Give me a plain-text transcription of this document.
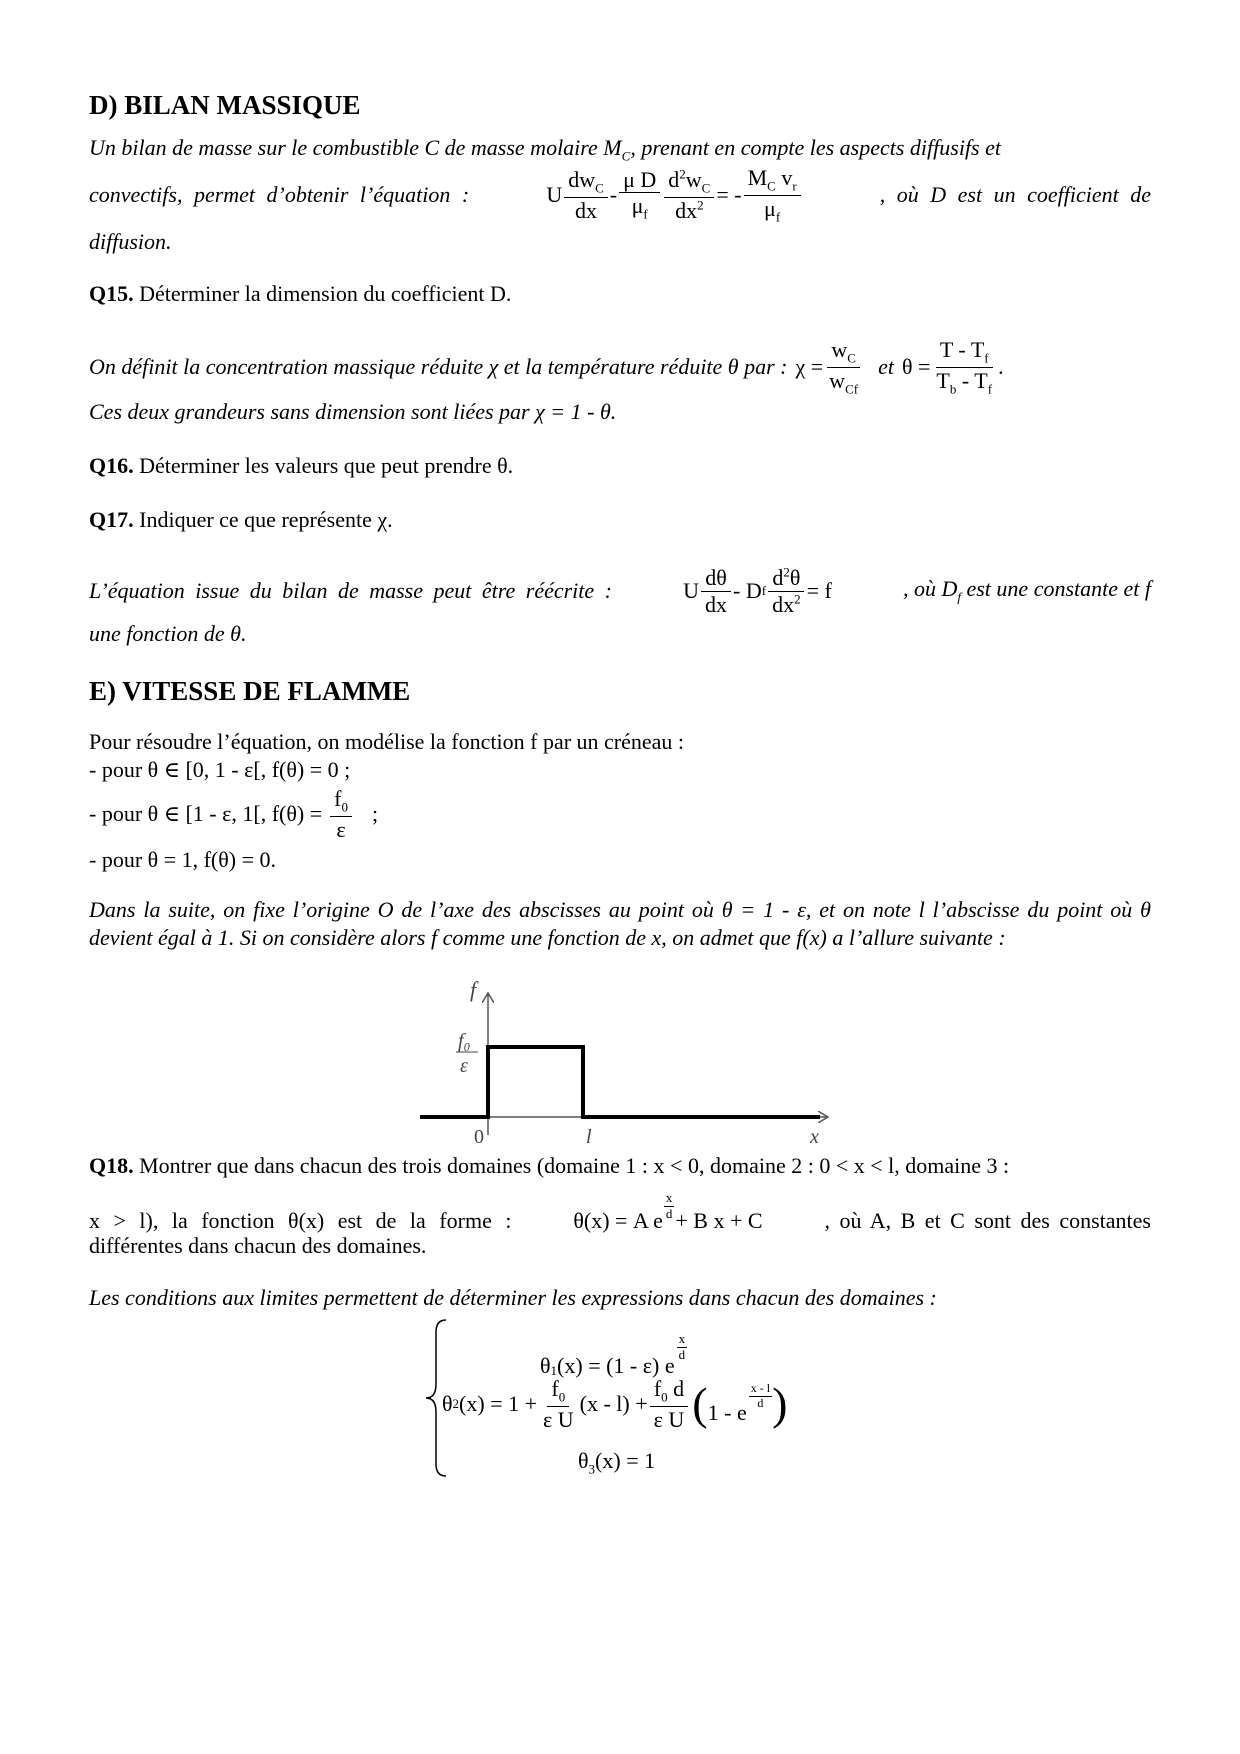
D) BILAN MASSIQUE
Un bilan de masse sur le combustible C de masse molaire $M_C$, prenant en compte les aspects diffusifs et
convectifs, permet d’obtenir l’équation :	U
$dw_C$
dx
-
μ D
$\mu_f$
$d^2w_C$
$dx^2$ = -
$M_C$ $v_r$
$\mu_f$
, où D est un coefficient de
diffusion.
Q15. Déterminer la dimension du coefficient D.
On définit la concentration massique réduite χ et la température réduite θ par : χ =
$w_C$
$w_{Cf}$
et θ =
T - $T_f$
$T_b - T_f$
.
Ces deux grandeurs sans dimension sont liées par χ = 1 - θ.
Q16. Déterminer les valeurs que peut prendre θ.
Q17. Indiquer ce que représente χ.
L’équation issue du bilan de masse peut être réécrite :	U dθ
dx
- D f $d^2\theta$
$dx^2 = f$	, où $D_f$ est une constante et f
une fonction de θ.
E) VITESSE DE FLAMME
Pour résoudre l’équation, on modélise la fonction f par un créneau :
- pour θ ∈ [0, 1 - ε[, f(θ) = 0 ;
- pour θ ∈ [1 - ε, 1[, $f(\theta) = \frac{f_0}{\varepsilon}$ ;
- pour θ = 1, f(θ) = 0.
Dans la suite, on fixe l’origine O de l’axe des abscisses au point où θ = 1 - ε, et on note l l’abscisse du point où θ devient égal à 1. Si on considère alors f comme une fonction de x, on admet que f(x) a l’allure suivante :
f
f₀
ε
0	l	x
Q18. Montrer que dans chacun des trois domaines (domaine 1 : x < 0, domaine 2 : 0 < x < l, domaine 3 :
x > l), la fonction θ(x) est de la forme :	θ(x) = A e
x
d + B x + C	, où A, B et C sont des constantes
différentes dans chacun des domaines.
Les conditions aux limites permettent de déterminer les expressions dans chacun des domaines :
θ 1 (x) = (1 - ε) e
x
d
θ 2 (x) = 1 +
$f_0$
ε U
(x - l) +
$f_0$ d
ε U ( 1 - e
x - l
d )
$\theta_3(x) = 1$
